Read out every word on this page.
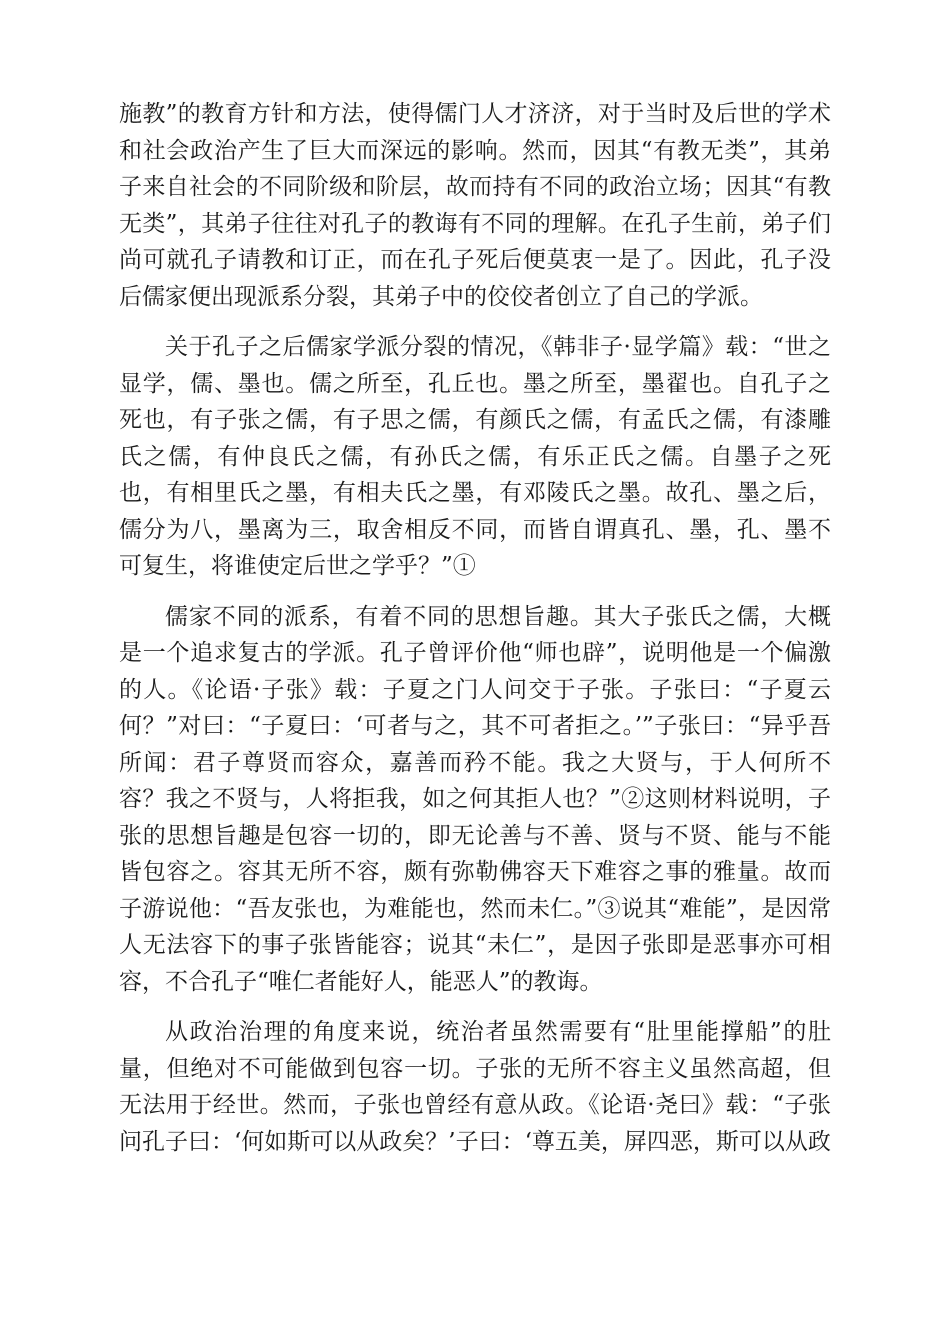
施教”的教育方针和方法，使得儒门人才济济，对于当时及后世的学术和社会政治产生了巨大而深远的影响。然而，因其“有教无类”，其弟子来自社会的不同阶级和阶层，故而持有不同的政治立场；因其“有教无类”，其弟子往往对孔子的教诲有不同的理解。在孔子生前，弟子们尚可就孔子请教和订正，而在孔子死后便莫衷一是了。因此，孔子没后儒家便出现派系分裂，其弟子中的佼佼者创立了自己的学派。

关于孔子之后儒家学派分裂的情况，《韩非子·显学篇》载：“世之显学，儒、墨也。儒之所至，孔丘也。墨之所至，墨翟也。自孔子之死也，有子张之儒，有子思之儒，有颜氏之儒，有孟氏之儒，有漆雕氏之儒，有仲良氏之儒，有孙氏之儒，有乐正氏之儒。自墨子之死也，有相里氏之墨，有相夫氏之墨，有邓陵氏之墨。故孔、墨之后，儒分为八，墨离为三，取舍相反不同，而皆自谓真孔、墨，孔、墨不可复生，将谁使定后世之学乎？”①

儒家不同的派系，有着不同的思想旨趣。其大子张氏之儒，大概是一个追求复古的学派。孔子曾评价他“师也辟”，说明他是一个偏激的人。《论语·子张》载：子夏之门人问交于子张。子张曰：“子夏云何？”对曰：“子夏曰：‘可者与之，其不可者拒之。’”子张曰：“异乎吾所闻：君子尊贤而容众，嘉善而矜不能。我之大贤与，于人何所不容？我之不贤与，人将拒我，如之何其拒人也？”②这则材料说明，子张的思想旨趣是包容一切的，即无论善与不善、贤与不贤、能与不能皆包容之。容其无所不容，颇有弥勒佛容天下难容之事的雅量。故而子游说他：“吾友张也，为难能也，然而未仁。”③说其“难能”，是因常人无法容下的事子张皆能容；说其“未仁”，是因子张即是恶事亦可相容，不合孔子“唯仁者能好人，能恶人”的教诲。

从政治治理的角度来说，统治者虽然需要有“肚里能撑船”的肚量，但绝对不可能做到包容一切。子张的无所不容主义虽然高超，但无法用于经世。然而，子张也曾经有意从政。《论语·尧曰》载：“子张问孔子曰：‘何如斯可以从政矣？’子曰：‘尊五美，屏四恶，斯可以从政
